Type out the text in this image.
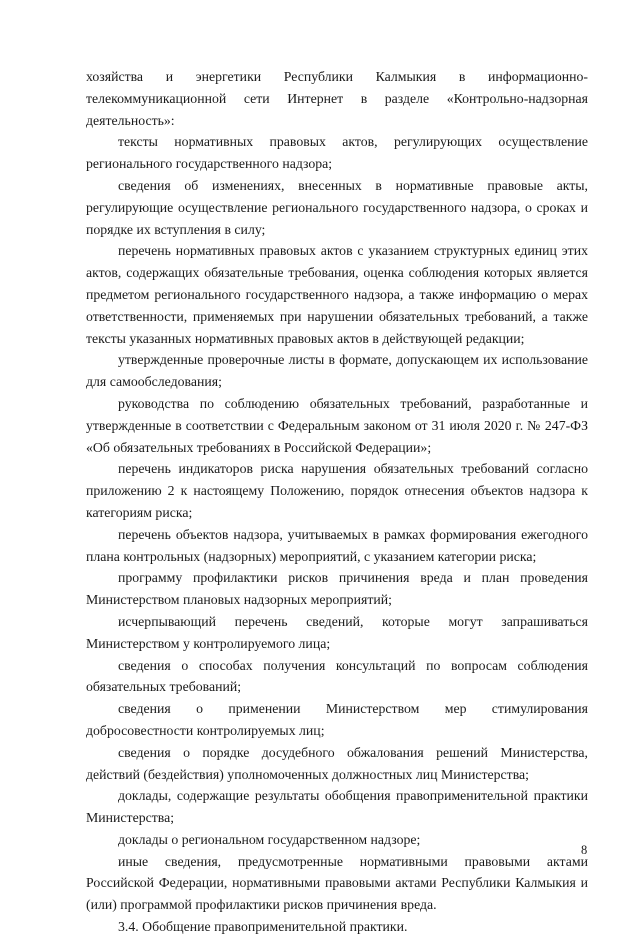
хозяйства и энергетики Республики Калмыкия в информационно-телекоммуникационной сети Интернет в разделе «Контрольно-надзорная деятельность»:

тексты нормативных правовых актов, регулирующих осуществление регионального государственного надзора;

сведения об изменениях, внесенных в нормативные правовые акты, регулирующие осуществление регионального государственного надзора, о сроках и порядке их вступления в силу;

перечень нормативных правовых актов с указанием структурных единиц этих актов, содержащих обязательные требования, оценка соблюдения которых является предметом регионального государственного надзора, а также информацию о мерах ответственности, применяемых при нарушении обязательных требований, а также тексты указанных нормативных правовых актов в действующей редакции;

утвержденные проверочные листы в формате, допускающем их использование для самообследования;

руководства по соблюдению обязательных требований, разработанные и утвержденные в соответствии с Федеральным законом от 31 июля 2020 г. № 247-ФЗ «Об обязательных требованиях в Российской Федерации»;

перечень индикаторов риска нарушения обязательных требований согласно приложению 2 к настоящему Положению, порядок отнесения объектов надзора к категориям риска;

перечень объектов надзора, учитываемых в рамках формирования ежегодного плана контрольных (надзорных) мероприятий, с указанием категории риска;

программу профилактики рисков причинения вреда и план проведения Министерством плановых надзорных мероприятий;

исчерпывающий перечень сведений, которые могут запрашиваться Министерством у контролируемого лица;

сведения о способах получения консультаций по вопросам соблюдения обязательных требований;

сведения о применении Министерством мер стимулирования добросовестности контролируемых лиц;

сведения о порядке досудебного обжалования решений Министерства, действий (бездействия) уполномоченных должностных лиц Министерства;

доклады, содержащие результаты обобщения правоприменительной практики Министерства;

доклады о региональном государственном надзоре;

иные сведения, предусмотренные нормативными правовыми актами Российской Федерации, нормативными правовыми актами Республики Калмыкия и (или) программой профилактики рисков причинения вреда.

3.4. Обобщение правоприменительной практики.

8
